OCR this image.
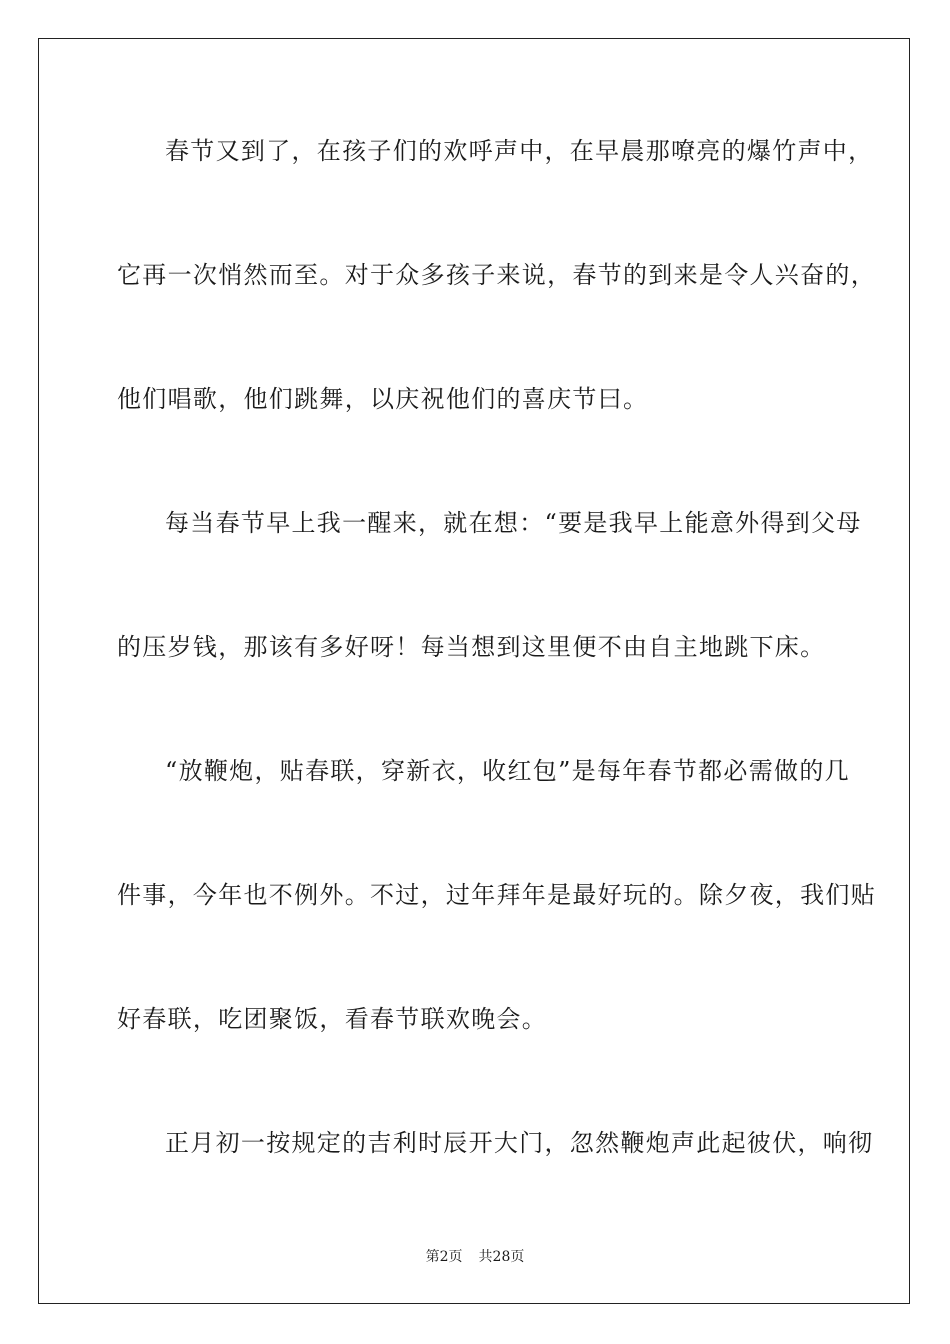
春节又到了，在孩子们的欢呼声中，在早晨那嘹亮的爆竹声中，
它再一次悄然而至。对于众多孩子来说，春节的到来是令人兴奋的，
他们唱歌，他们跳舞，以庆祝他们的喜庆节曰。
每当春节早上我一醒来，就在想：“要是我早上能意外得到父母
的压岁钱，那该有多好呀！每当想到这里便不由自主地跳下床。
“放鞭炮，贴春联，穿新衣，收红包”是每年春节都必需做的几
件事，今年也不例外。不过，过年拜年是最好玩的。除夕夜，我们贴
好春联，吃团聚饭，看春节联欢晚会。
正月初一按规定的吉利时辰开大门，忽然鞭炮声此起彼伏，响彻
第2页 共28页
